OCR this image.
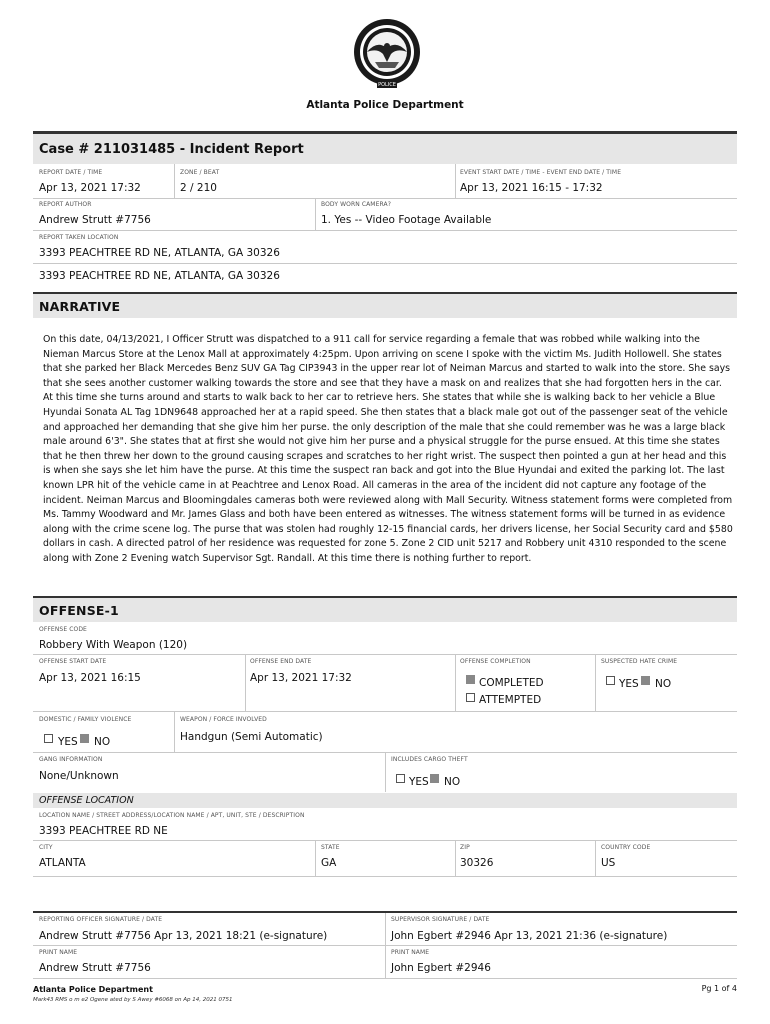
POLICE
Atlanta Police Department
Case # 211031485 - Incident Report
REPORT DATE / TIME
Apr 13, 2021 17:32
ZONE / BEAT
2 / 210
EVENT START DATE / TIME - EVENT END DATE / TIME
Apr 13, 2021 16:15 - 17:32
REPORT AUTHOR
Andrew Strutt #7756
BODY WORN CAMERA?
1. Yes -- Video Footage Available
REPORT TAKEN LOCATION
3393 PEACHTREE RD NE, ATLANTA, GA 30326
3393 PEACHTREE RD NE, ATLANTA, GA 30326
NARRATIVE
On this date, 04/13/2021, I Officer Strutt was dispatched to a 911 call for service regarding a female that was robbed while walking into the Nieman Marcus Store at the Lenox Mall at approximately 4:25pm. Upon arriving on scene I spoke with the victim Ms. Judith Hollowell. She states that she parked her Black Mercedes Benz SUV GA Tag CIP3943 in the upper rear lot of Neiman Marcus and started to walk into the store. She says that she sees another customer walking towards the store and see that they have a mask on and realizes that she had forgotten hers in the car. At this time she turns around and starts to walk back to her car to retrieve hers. She states that while she is walking back to her vehicle a Blue Hyundai Sonata AL Tag 1DN9648 approached her at a rapid speed. She then states that a black male got out of the passenger seat of the vehicle and approached her demanding that she give him her purse. the only description of the male that she could remember was he was a large black male around 6'3". She states that at first she would not give him her purse and a physical struggle for the purse ensued. At this time she states that he then threw her down to the ground causing scrapes and scratches to her right wrist. The suspect then pointed a gun at her head and this is when she says she let him have the purse. At this time the suspect ran back and got into the Blue Hyundai and exited the parking lot. The last known LPR hit of the vehicle came in at Peachtree and Lenox Road. All cameras in the area of the incident did not capture any footage of the incident. Neiman Marcus and Bloomingdales cameras both were reviewed along with Mall Security. Witness statement forms were completed from Ms. Tammy Woodward and Mr. James Glass and both have been entered as witnesses. The witness statement forms will be turned in as evidence along with the crime scene log. The purse that was stolen had roughly 12-15 financial cards, her drivers license, her Social Security card and $580 dollars in cash. A directed patrol of her residence was requested for zone 5. Zone 2 CID unit 5217 and Robbery unit 4310 responded to the scene along with Zone 2 Evening watch Supervisor Sgt. Randall. At this time there is nothing further to report.
OFFENSE-1
OFFENSE CODE
Robbery With Weapon (120)
OFFENSE START DATE
Apr 13, 2021 16:15
OFFENSE END DATE
Apr 13, 2021 17:32
OFFENSE COMPLETION
COMPLETED
ATTEMPTED
SUSPECTED HATE CRIME
YES NO
DOMESTIC / FAMILY VIOLENCE
YES NO
WEAPON / FORCE INVOLVED
Handgun (Semi Automatic)
GANG INFORMATION
None/Unknown
INCLUDES CARGO THEFT
YES NO
OFFENSE LOCATION
LOCATION NAME / STREET ADDRESS/LOCATION NAME / APT, UNIT, STE / DESCRIPTION
3393 PEACHTREE RD NE
CITY
ATLANTA
STATE
GA
ZIP
30326
COUNTRY CODE
US
REPORTING OFFICER SIGNATURE / DATE
Andrew Strutt #7756 Apr 13, 2021 18:21 (e-signature)
SUPERVISOR SIGNATURE / DATE
John Egbert #2946 Apr 13, 2021 21:36 (e-signature)
PRINT NAME
Andrew Strutt #7756
PRINT NAME
John Egbert #2946
Atlanta Police Department
Mark43 RMS o m e2 Ogene ated by S Awey #6068 on Ap 14, 2021 0751
Pg 1 of 4
